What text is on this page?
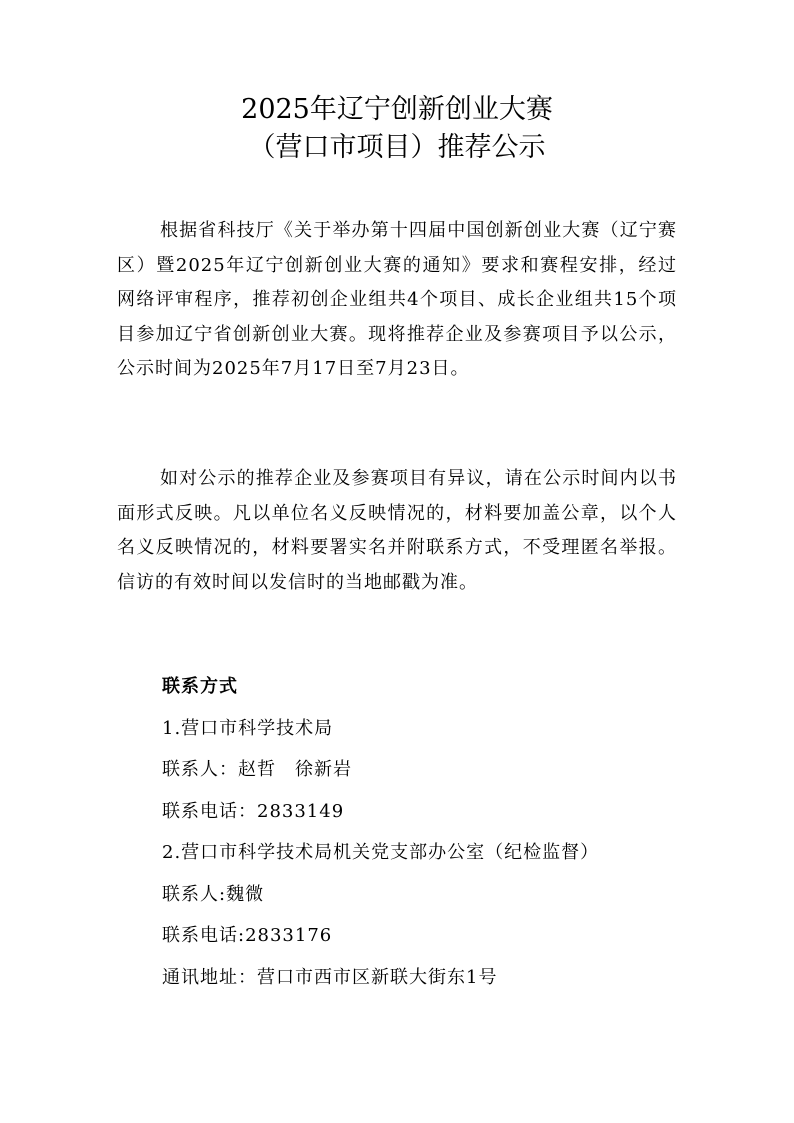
2025年辽宁创新创业大赛
（营口市项目）推荐公示
根据省科技厅《关于举办第十四届中国创新创业大赛（辽宁赛区）暨2025年辽宁创新创业大赛的通知》要求和赛程安排，经过网络评审程序，推荐初创企业组共4个项目、成长企业组共15个项目参加辽宁省创新创业大赛。现将推荐企业及参赛项目予以公示，公示时间为2025年7月17日至7月23日。
如对公示的推荐企业及参赛项目有异议，请在公示时间内以书面形式反映。凡以单位名义反映情况的，材料要加盖公章，以个人名义反映情况的，材料要署实名并附联系方式，不受理匿名举报。信访的有效时间以发信时的当地邮戳为准。
联系方式
1.营口市科学技术局
联系人：赵哲　徐新岩
联系电话：2833149
2.营口市科学技术局机关党支部办公室（纪检监督）
联系人:魏微
联系电话:2833176
通讯地址：营口市西市区新联大街东1号
